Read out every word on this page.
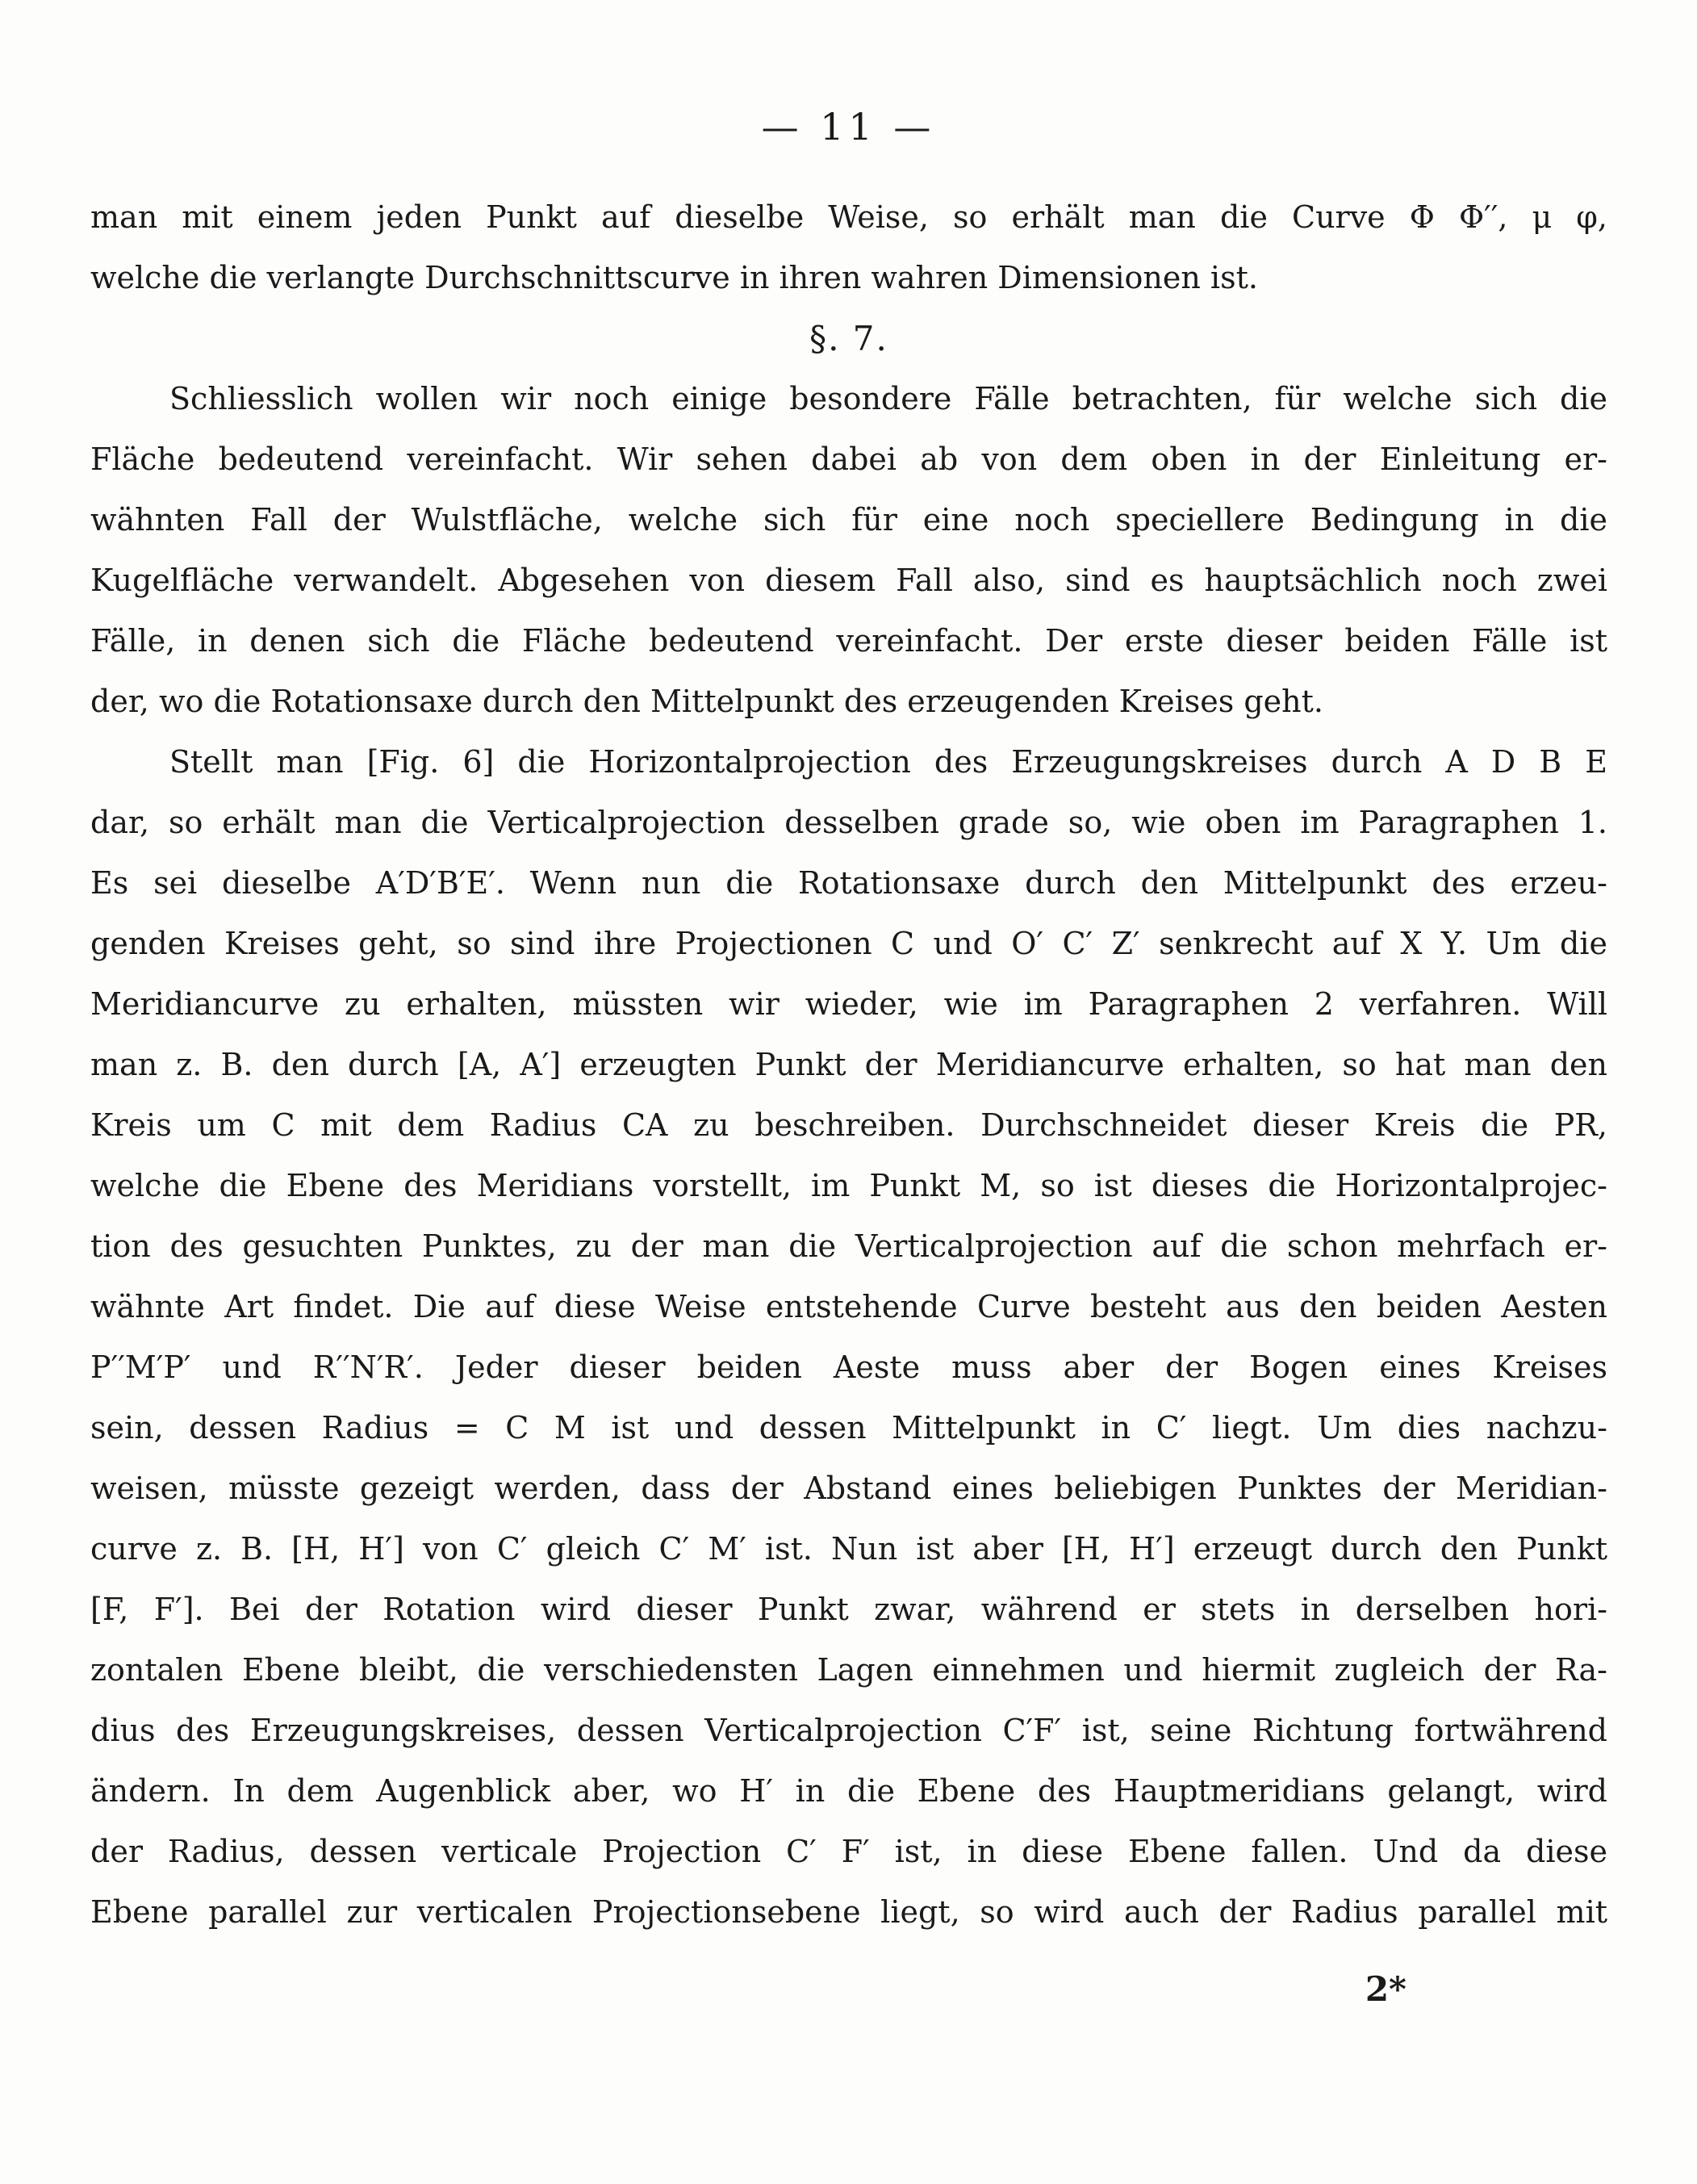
— 11 —
man mit einem jeden Punkt auf dieselbe Weise, so erhält man die Curve Φ Φ′′, μ φ,
welche die verlangte Durchschnittscurve in ihren wahren Dimensionen ist.
§. 7.
Schliesslich wollen wir noch einige besondere Fälle betrachten, für welche sich die
Fläche bedeutend vereinfacht. Wir sehen dabei ab von dem oben in der Einleitung er-
wähnten Fall der Wulstfläche, welche sich für eine noch speciellere Bedingung in die
Kugelfläche verwandelt. Abgesehen von diesem Fall also, sind es hauptsächlich noch zwei
Fälle, in denen sich die Fläche bedeutend vereinfacht. Der erste dieser beiden Fälle ist
der, wo die Rotationsaxe durch den Mittelpunkt des erzeugenden Kreises geht.
Stellt man [Fig. 6] die Horizontalprojection des Erzeugungskreises durch A D B E
dar, so erhält man die Verticalprojection desselben grade so, wie oben im Paragraphen 1.
Es sei dieselbe A′D′B′E′. Wenn nun die Rotationsaxe durch den Mittelpunkt des erzeu-
genden Kreises geht, so sind ihre Projectionen C und O′ C′ Z′ senkrecht auf X Y. Um die
Meridiancurve zu erhalten, müssten wir wieder, wie im Paragraphen 2 verfahren. Will
man z. B. den durch [A, A′] erzeugten Punkt der Meridiancurve erhalten, so hat man den
Kreis um C mit dem Radius CA zu beschreiben. Durchschneidet dieser Kreis die PR,
welche die Ebene des Meridians vorstellt, im Punkt M, so ist dieses die Horizontalprojec-
tion des gesuchten Punktes, zu der man die Verticalprojection auf die schon mehrfach er-
wähnte Art findet. Die auf diese Weise entstehende Curve besteht aus den beiden Aesten
P′′M′P′ und R′′N′R′. Jeder dieser beiden Aeste muss aber der Bogen eines Kreises
sein, dessen Radius = C M ist und dessen Mittelpunkt in C′ liegt. Um dies nachzu-
weisen, müsste gezeigt werden, dass der Abstand eines beliebigen Punktes der Meridian-
curve z. B. [H, H′] von C′ gleich C′ M′ ist. Nun ist aber [H, H′] erzeugt durch den Punkt
[F, F′]. Bei der Rotation wird dieser Punkt zwar, während er stets in derselben hori-
zontalen Ebene bleibt, die verschiedensten Lagen einnehmen und hiermit zugleich der Ra-
dius des Erzeugungskreises, dessen Verticalprojection C′F′ ist, seine Richtung fortwährend
ändern. In dem Augenblick aber, wo H′ in die Ebene des Hauptmeridians gelangt, wird
der Radius, dessen verticale Projection C′ F′ ist, in diese Ebene fallen. Und da diese
Ebene parallel zur verticalen Projectionsebene liegt, so wird auch der Radius parallel mit
2*
